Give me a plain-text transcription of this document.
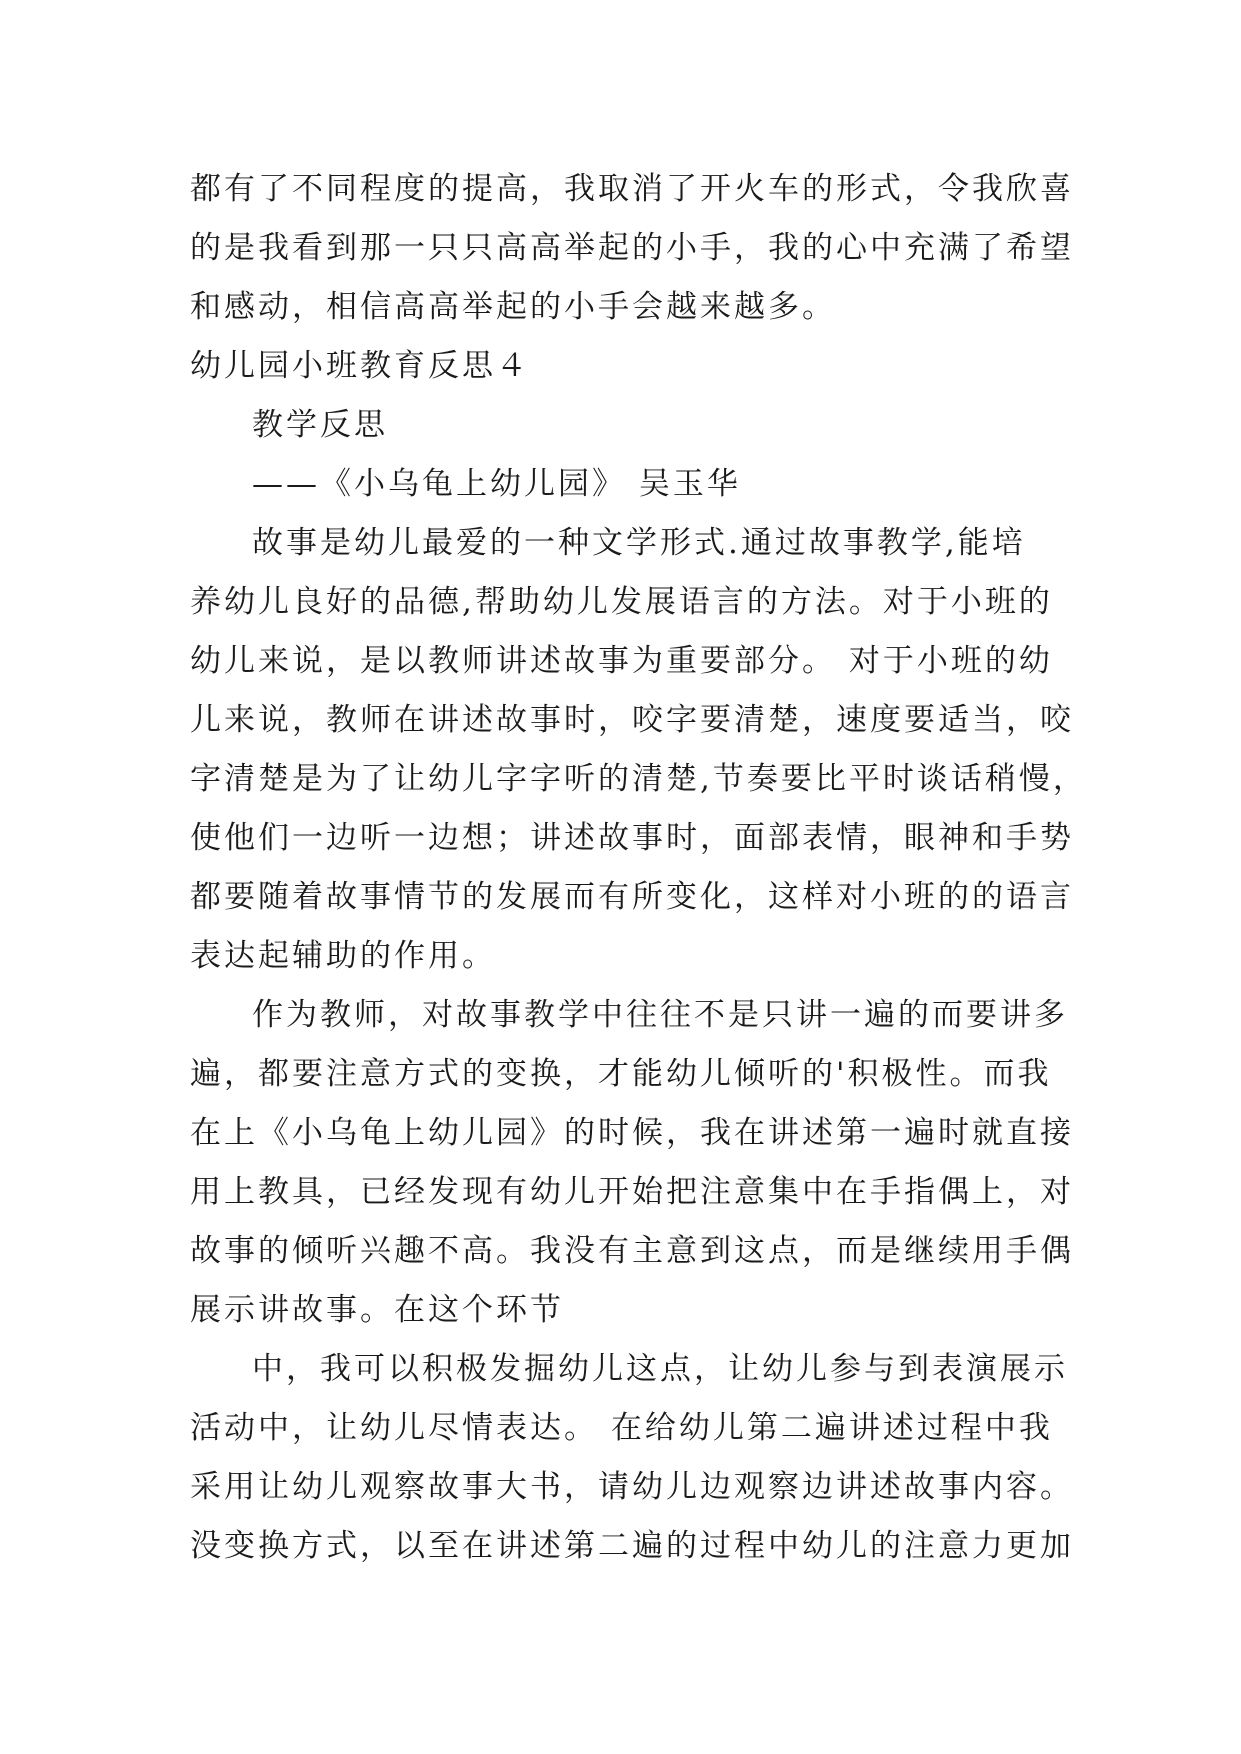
都有了不同程度的提高，我取消了开火车的形式，令我欣喜
的是我看到那一只只高高举起的小手，我的心中充满了希望
和感动，相信高高举起的小手会越来越多。
幼儿园小班教育反思４
教学反思
——《小乌龟上幼儿园》 吴玉华
故事是幼儿最爱的一种文学形式.通过故事教学,能培
养幼儿良好的品德,帮助幼儿发展语言的方法。对于小班的
幼儿来说，是以教师讲述故事为重要部分。 对于小班的幼
儿来说，教师在讲述故事时，咬字要清楚，速度要适当，咬
字清楚是为了让幼儿字字听的清楚,节奏要比平时谈话稍慢，
使他们一边听一边想；讲述故事时，面部表情，眼神和手势
都要随着故事情节的发展而有所变化，这样对小班的的语言
表达起辅助的作用。
作为教师，对故事教学中往往不是只讲一遍的而要讲多
遍，都要注意方式的变换，才能幼儿倾听的'积极性。而我
在上《小乌龟上幼儿园》的时候，我在讲述第一遍时就直接
用上教具，已经发现有幼儿开始把注意集中在手指偶上，对
故事的倾听兴趣不高。我没有主意到这点，而是继续用手偶
展示讲故事。在这个环节
中，我可以积极发掘幼儿这点，让幼儿参与到表演展示
活动中，让幼儿尽情表达。 在给幼儿第二遍讲述过程中我
采用让幼儿观察故事大书，请幼儿边观察边讲述故事内容。
没变换方式，以至在讲述第二遍的过程中幼儿的注意力更加
